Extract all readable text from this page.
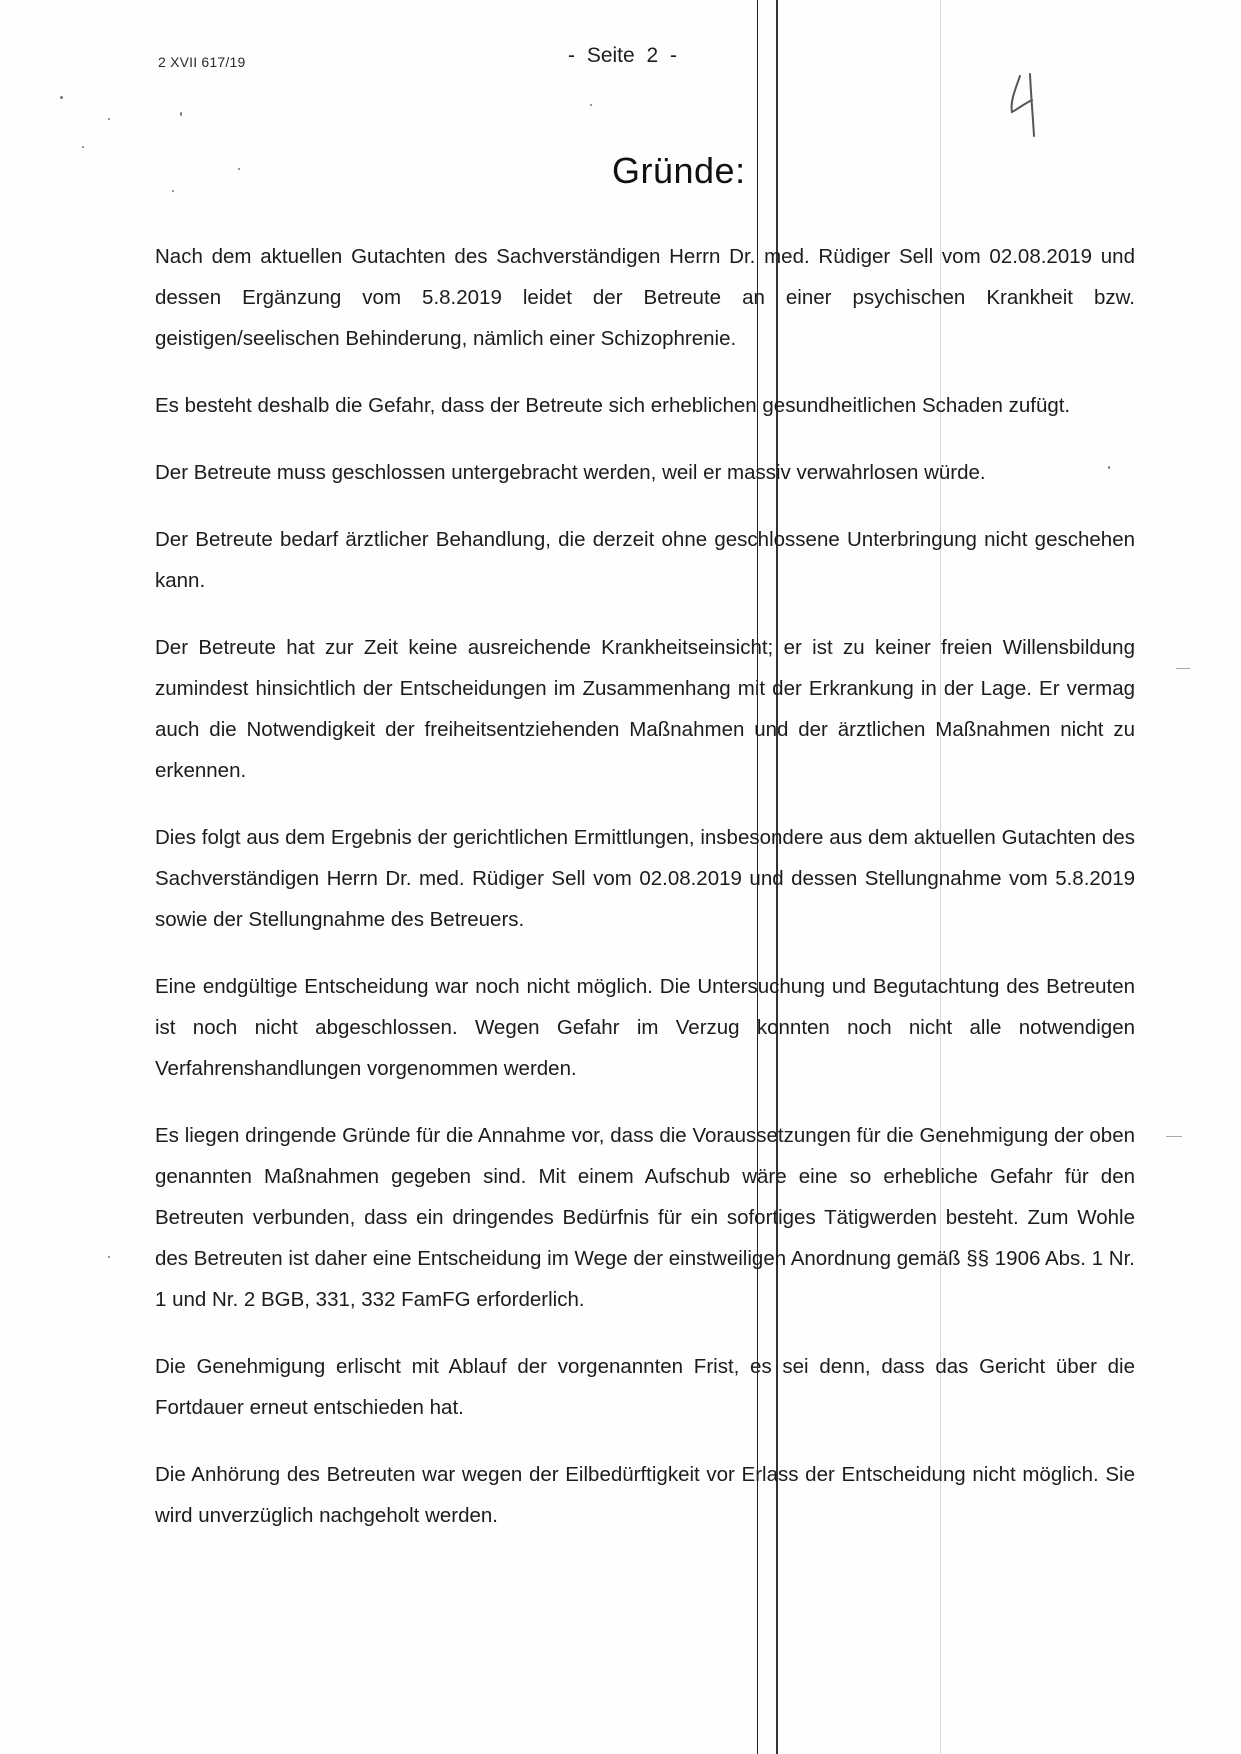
2 XVII 617/19	- Seite 2 -
Gründe:

Nach dem aktuellen Gutachten des Sachverständigen Herrn Dr. med. Rüdiger Sell vom 02.08.2019 und dessen Ergänzung vom 5.8.2019 leidet der Betreute an einer psychischen Krankheit bzw. geistigen/seelischen Behinderung, nämlich einer Schizophrenie.

Es besteht deshalb die Gefahr, dass der Betreute sich erheblichen gesundheitlichen Schaden zufügt.

Der Betreute muss geschlossen untergebracht werden, weil er massiv verwahrlosen würde.

Der Betreute bedarf ärztlicher Behandlung, die derzeit ohne geschlossene Unterbringung nicht geschehen kann.

Der Betreute hat zur Zeit keine ausreichende Krankheitseinsicht; er ist zu keiner freien Willensbildung zumindest hinsichtlich der Entscheidungen im Zusammenhang mit der Erkrankung in der Lage. Er vermag auch die Notwendigkeit der freiheitsentziehenden Maßnahmen und der ärztlichen Maßnahmen nicht zu erkennen.

Dies folgt aus dem Ergebnis der gerichtlichen Ermittlungen, insbesondere aus dem aktuellen Gutachten des Sachverständigen Herrn Dr. med. Rüdiger Sell vom 02.08.2019 und dessen Stellungnahme vom 5.8.2019 sowie der Stellungnahme des Betreuers.

Eine endgültige Entscheidung war noch nicht möglich. Die Untersuchung und Begutachtung des Betreuten ist noch nicht abgeschlossen. Wegen Gefahr im Verzug konnten noch nicht alle notwendigen Verfahrenshandlungen vorgenommen werden.

Es liegen dringende Gründe für die Annahme vor, dass die Voraussetzungen für die Genehmigung der oben genannten Maßnahmen gegeben sind. Mit einem Aufschub wäre eine so erhebliche Gefahr für den Betreuten verbunden, dass ein dringendes Bedürfnis für ein sofortiges Tätigwerden besteht. Zum Wohle des Betreuten ist daher eine Entscheidung im Wege der einstweiligen Anordnung gemäß §§ 1906 Abs. 1 Nr. 1 und Nr. 2 BGB, 331, 332 FamFG erforderlich.

Die Genehmigung erlischt mit Ablauf der vorgenannten Frist, es sei denn, dass das Gericht über die Fortdauer erneut entschieden hat.

Die Anhörung des Betreuten war wegen der Eilbedürftigkeit vor Erlass der Entscheidung nicht möglich. Sie wird unverzüglich nachgeholt werden.
